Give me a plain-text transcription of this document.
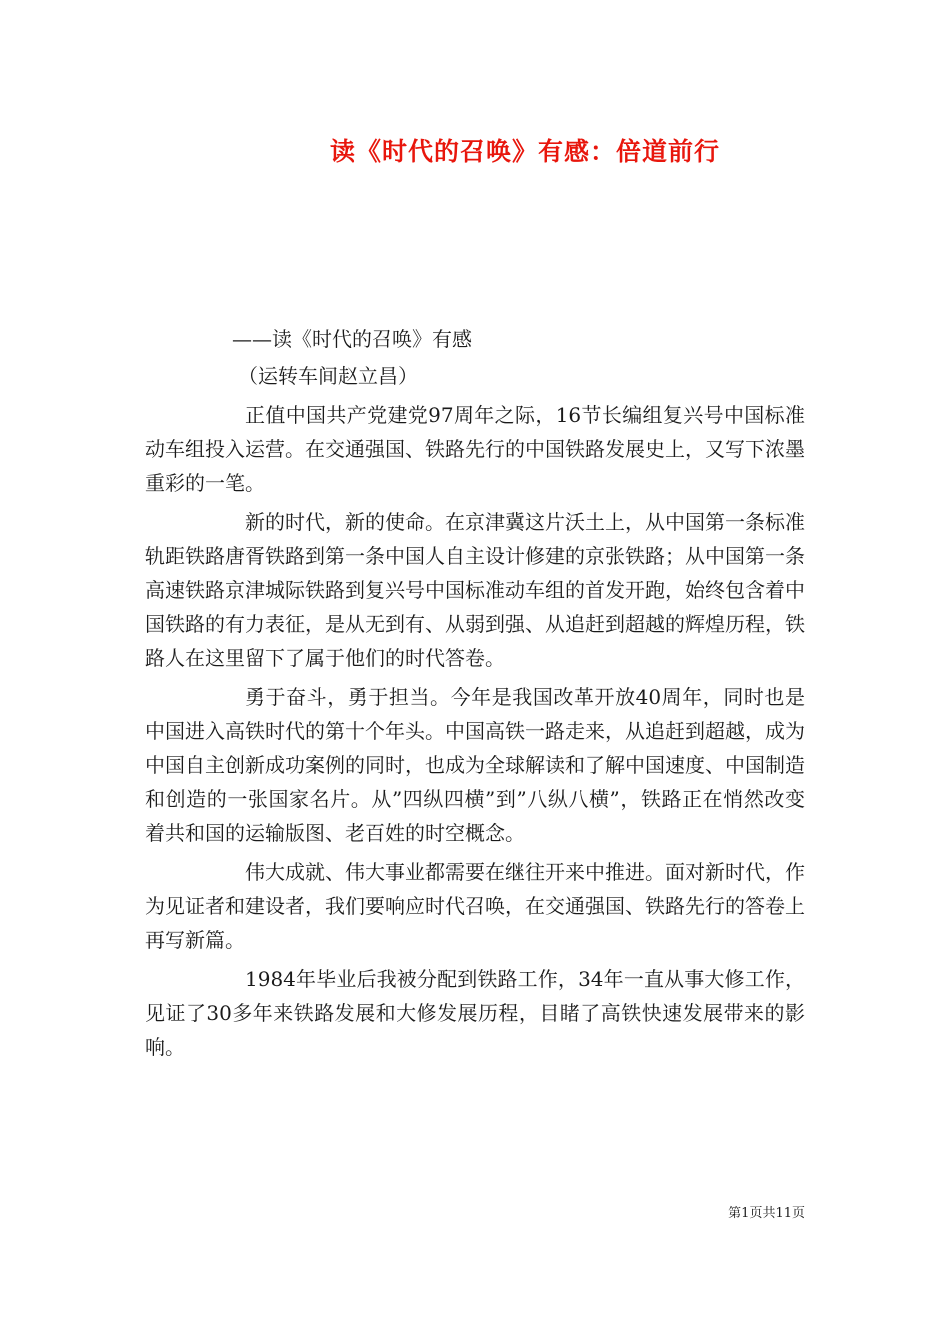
读《时代的召唤》有感：倍道前行
——读《时代的召唤》有感
（运转车间赵立昌）

正值中国共产党建党97周年之际，16节长编组复兴号中国标准动车组投入运营。在交通强国、铁路先行的中国铁路发展史上，又写下浓墨重彩的一笔。

新的时代，新的使命。在京津冀这片沃土上，从中国第一条标准轨距铁路唐胥铁路到第一条中国人自主设计修建的京张铁路；从中国第一条高速铁路京津城际铁路到复兴号中国标准动车组的首发开跑，始终包含着中国铁路的有力表征，是从无到有、从弱到强、从追赶到超越的辉煌历程，铁路人在这里留下了属于他们的时代答卷。

勇于奋斗，勇于担当。今年是我国改革开放40周年，同时也是中国进入高铁时代的第十个年头。中国高铁一路走来，从追赶到超越，成为中国自主创新成功案例的同时，也成为全球解读和了解中国速度、中国制造和创造的一张国家名片。从”四纵四横”到”八纵八横”，铁路正在悄然改变着共和国的运输版图、老百姓的时空概念。

伟大成就、伟大事业都需要在继往开来中推进。面对新时代，作为见证者和建设者，我们要响应时代召唤，在交通强国、铁路先行的答卷上再写新篇。

1984年毕业后我被分配到铁路工作，34年一直从事大修工作，见证了30多年来铁路发展和大修发展历程，目睹了高铁快速发展带来的影响。

第1页共11页
